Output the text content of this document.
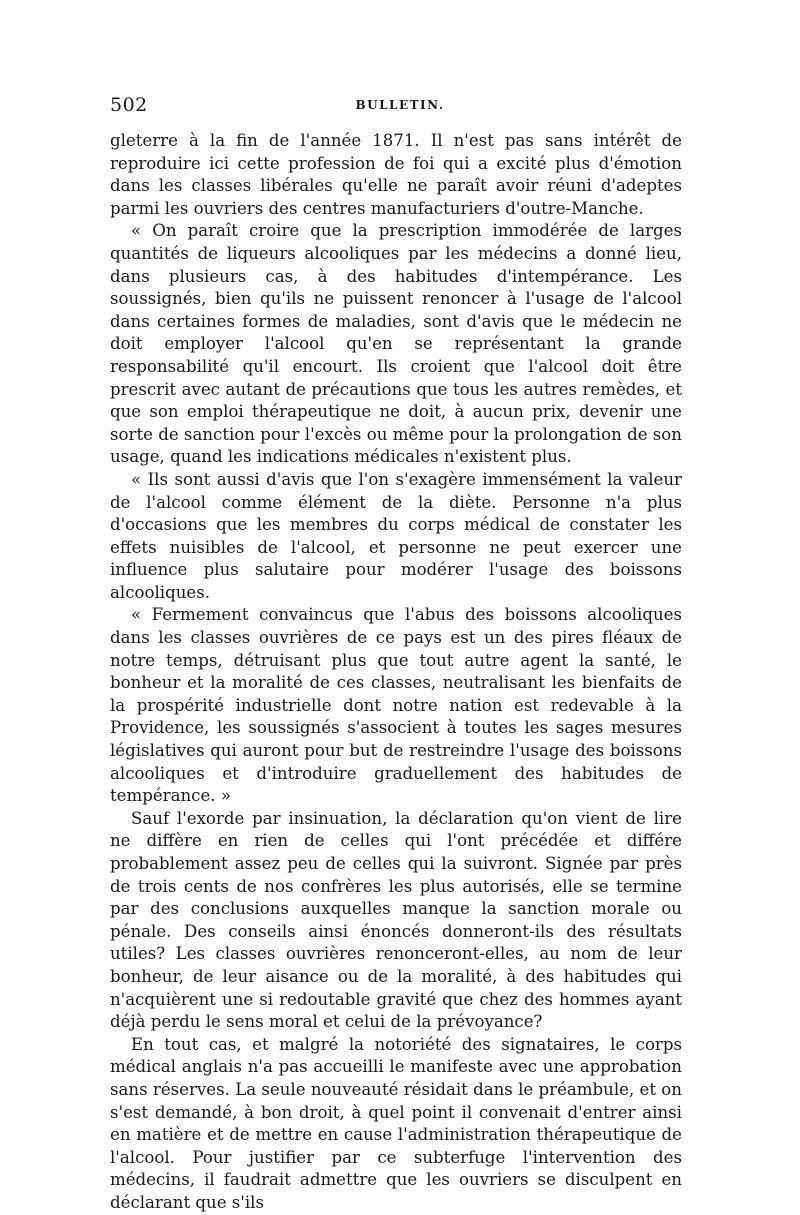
502	BULLETIN.

gleterre à la fin de l'année 1871. Il n'est pas sans intérêt de reproduire ici cette profession de foi qui a excité plus d'émotion dans les classes libérales qu'elle ne paraît avoir réuni d'adeptes parmi les ouvriers des centres manufacturiers d'outre-Manche.

« On paraît croire que la prescription immodérée de larges quantités de liqueurs alcooliques par les médecins a donné lieu, dans plusieurs cas, à des habitudes d'intempérance. Les soussignés, bien qu'ils ne puissent renoncer à l'usage de l'alcool dans certaines formes de maladies, sont d'avis que le médecin ne doit employer l'alcool qu'en se représentant la grande responsabilité qu'il encourt. Ils croient que l'alcool doit être prescrit avec autant de précautions que tous les autres remèdes, et que son emploi thérapeutique ne doit, à aucun prix, devenir une sorte de sanction pour l'excès ou même pour la prolongation de son usage, quand les indications médicales n'existent plus.

« Ils sont aussi d'avis que l'on s'exagère immensément la valeur de l'alcool comme élément de la diète. Personne n'a plus d'occasions que les membres du corps médical de constater les effets nuisibles de l'alcool, et personne ne peut exercer une influence plus salutaire pour modérer l'usage des boissons alcooliques.

« Fermement convaincus que l'abus des boissons alcooliques dans les classes ouvrières de ce pays est un des pires fléaux de notre temps, détruisant plus que tout autre agent la santé, le bonheur et la moralité de ces classes, neutralisant les bienfaits de la prospérité industrielle dont notre nation est redevable à la Providence, les soussignés s'associent à toutes les sages mesures législatives qui auront pour but de restreindre l'usage des boissons alcooliques et d'introduire graduellement des habitudes de tempérance. »

Sauf l'exorde par insinuation, la déclaration qu'on vient de lire ne diffère en rien de celles qui l'ont précédée et différe probablement assez peu de celles qui la suivront. Signée par près de trois cents de nos confrères les plus autorisés, elle se termine par des conclusions auxquelles manque la sanction morale ou pénale. Des conseils ainsi énoncés donneront-ils des résultats utiles? Les classes ouvrières renonceront-elles, au nom de leur bonheur, de leur aisance ou de la moralité, à des habitudes qui n'acquièrent une si redoutable gravité que chez des hommes ayant déjà perdu le sens moral et celui de la prévoyance?

En tout cas, et malgré la notoriété des signataires, le corps médical anglais n'a pas accueilli le manifeste avec une approbation sans réserves. La seule nouveauté résidait dans le préambule, et on s'est demandé, à bon droit, à quel point il convenait d'entrer ainsi en matière et de mettre en cause l'administration thérapeutique de l'alcool. Pour justifier par ce subterfuge l'intervention des médecins, il faudrait admettre que les ouvriers se disculpent en déclarant que s'ils
